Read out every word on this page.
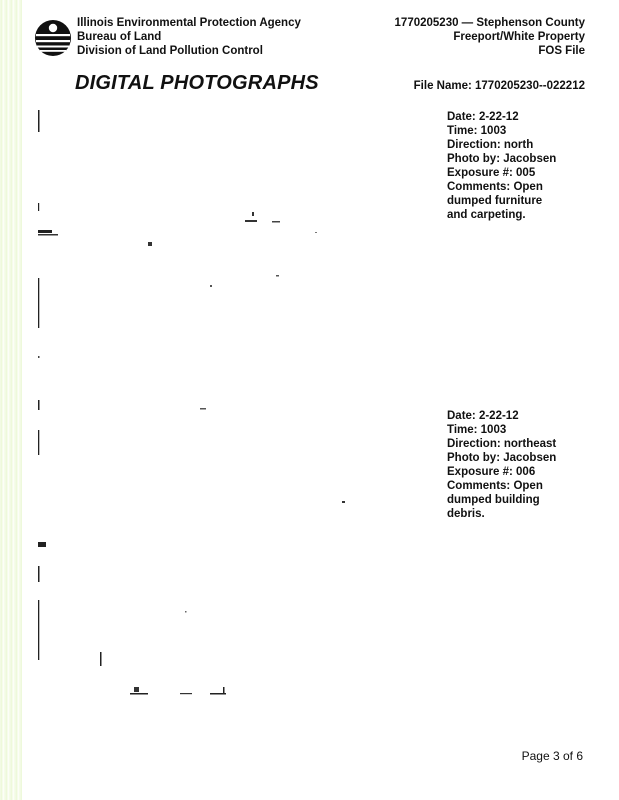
Illinois Environmental Protection Agency
Bureau of Land
Division of Land Pollution Control
1770205230 — Stephenson County
Freeport/White Property
FOS File
DIGITAL PHOTOGRAPHS	File Name: 1770205230--022212
Date: 2-22-12
Time: 1003
Direction: north
Photo by: Jacobsen
Exposure #: 005
Comments: Open
dumped furniture
and carpeting.
Date: 2-22-12
Time: 1003
Direction: northeast
Photo by: Jacobsen
Exposure #: 006
Comments: Open
dumped building
debris.
Page 3 of 6
